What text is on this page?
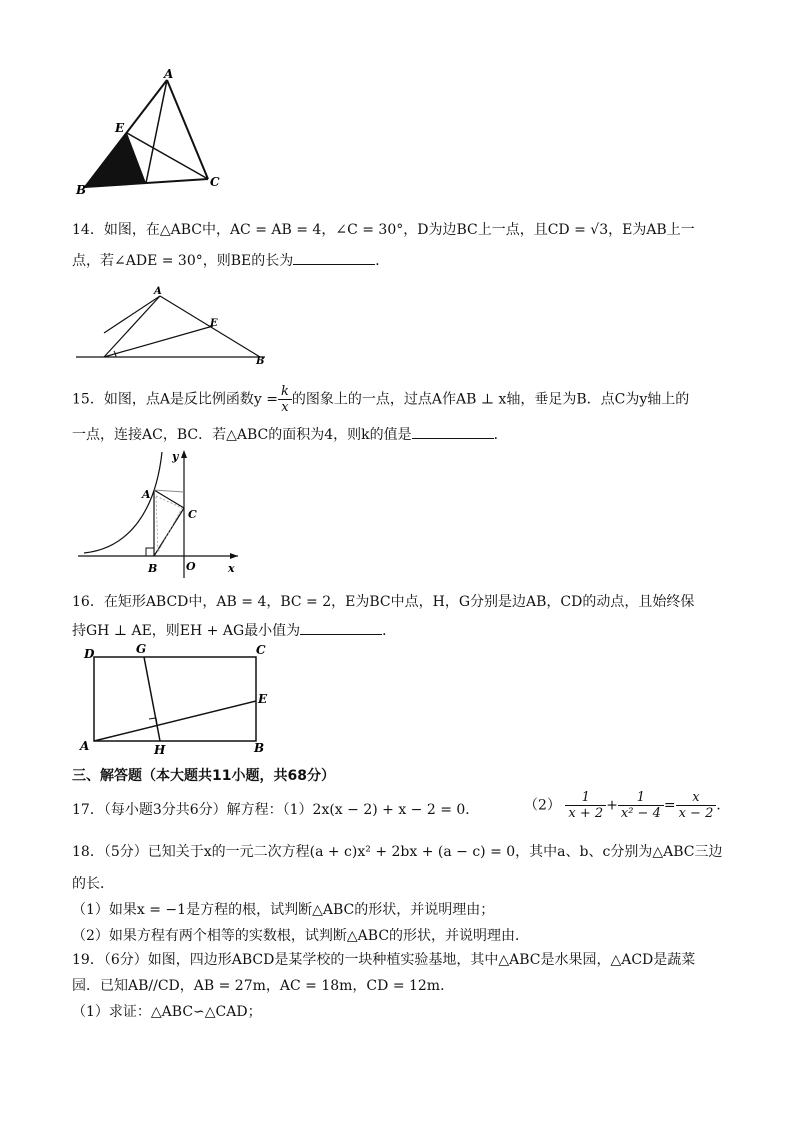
A
E
B
C
14．如图，在△ABC中，AC = AB = 4，∠C = 30°，D为边BC上一点，且CD = √3，E为AB上一
点，若∠ADE = 30°，则BE的长为	．
A
E
B
15．如图，点A是反比例函数$y = \frac{k}{x}$ 的图象上的一点，过点A作AB ⊥ x轴，垂足为B．点C为y轴上的
一点，连接AC，BC．若△ABC的面积为4，则k的值是	．
y
A
C
B	O	x
16．在矩形ABCD中，AB = 4，BC = 2，E为BC中点，H，G分别是边AB，CD的动点，且始终保
持GH ⊥ AE，则EH + AG最小值为	．
D	G	C
E
A	H	B
三、解答题（本大题共11小题，共68分）
17．（每小题3分共6分）解方程：（1）2x(x − 2) + x − 2 = 0．	$(2) \frac{1}{x + 2} + \frac{1}{\text{x² − 4}} = \frac{x}{x - 2}$ ．
18．（5分）已知关于x的一元二次方程(a + c)x² + 2bx + (a − c) = 0，其中a、b、c分别为△ABC三边
的长．
（1）如果x = −1是方程的根，试判断△ABC的形状，并说明理由；
（2）如果方程有两个相等的实数根，试判断△ABC的形状，并说明理由．
19．（6分）如图，四边形ABCD是某学校的一块种植实验基地，其中△ABC是水果园，△ACD是蔬菜
园．已知AB//CD，AB = 27m，AC = 18m，CD = 12m．
（1）求证：△ABC∽△CAD；
